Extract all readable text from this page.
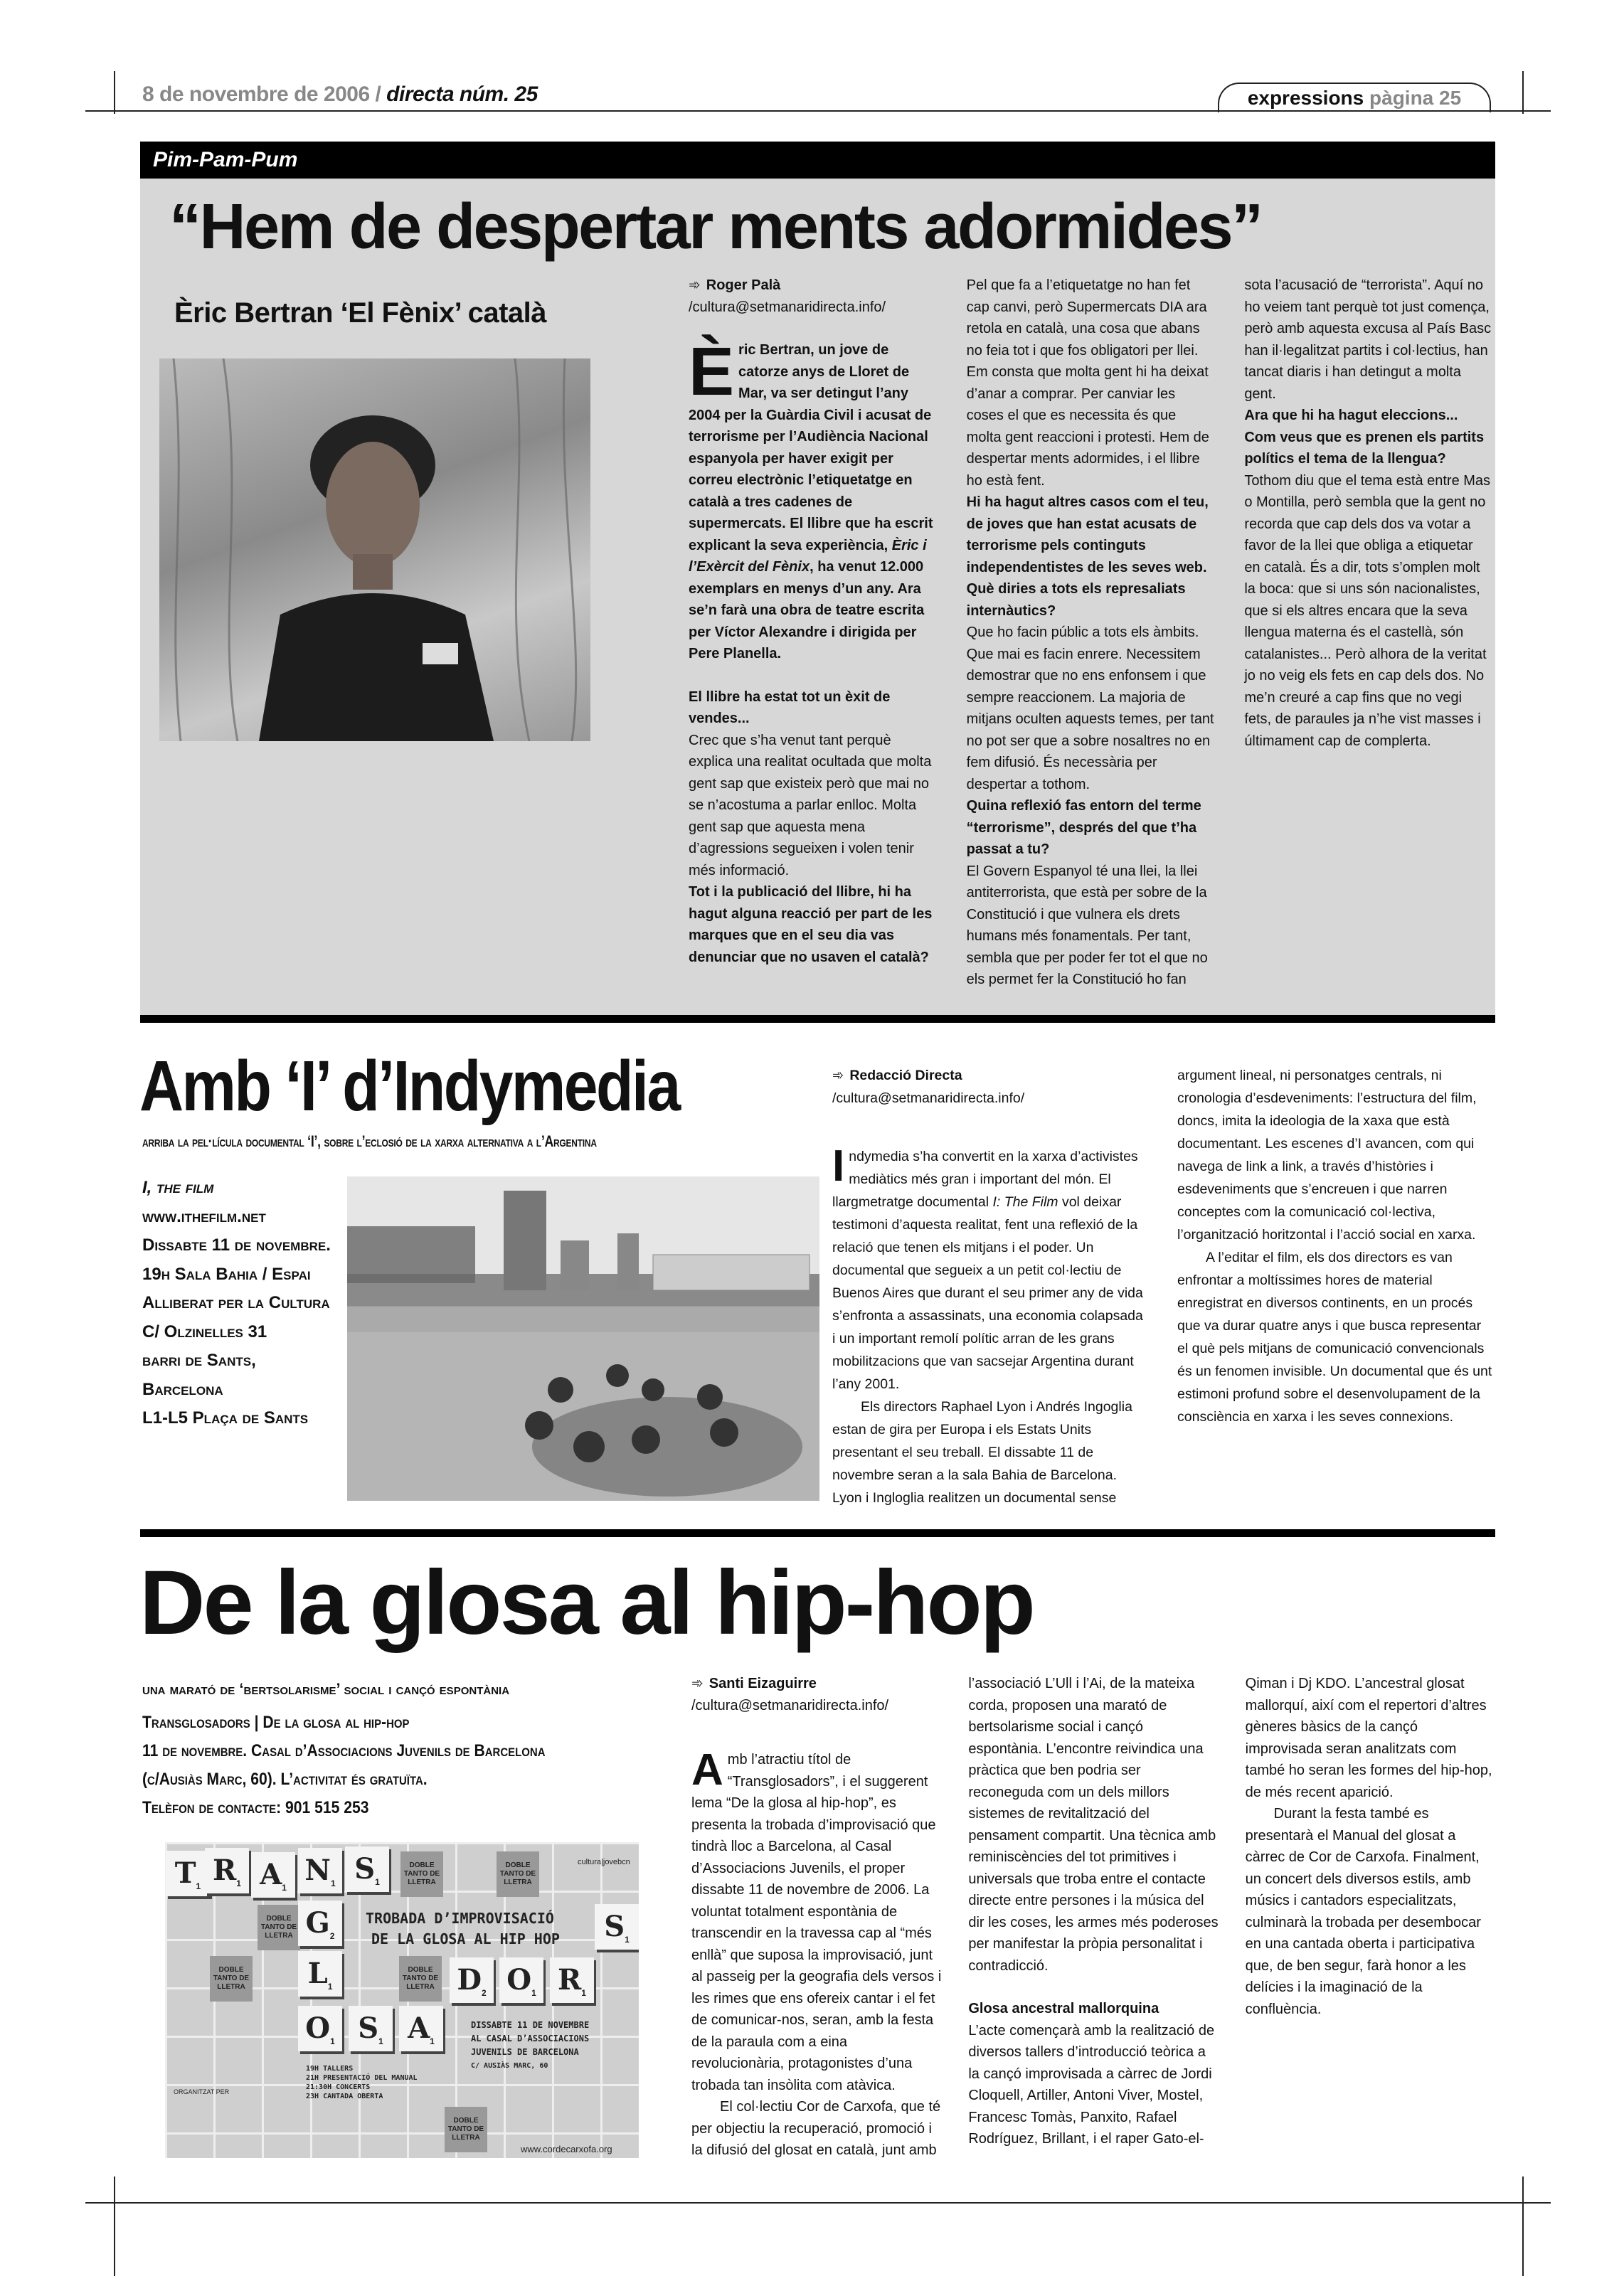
8 de novembre de 2006 / directa núm. 25	expressions pàgina 25
Pim-Pam-Pum
“Hem de despertar ments adormides”
Èric Bertran ‘El Fènix’ català

➾ Roger Palà

/cultura@setmanaridirecta.info/

Èric Bertran, un jove de catorze anys de Lloret de Mar, va ser detingut l’any 2004 per la Guàrdia Civil i acusat de terrorisme per l’Audiència Nacional espanyola per haver exigit per correu electrònic l’etiquetatge en català a tres cadenes de supermercats. El llibre que ha escrit explicant la seva experiència, Èric i l’Exèrcit del Fènix, ha venut 12.000 exemplars en menys d’un any. Ara se’n farà una obra de teatre escrita per Víctor Alexandre i dirigida per Pere Planella.

El llibre ha estat tot un èxit de vendes...

Crec que s’ha venut tant perquè explica una realitat ocultada que molta gent sap que existeix però que mai no se n’acostuma a parlar enlloc. Molta gent sap que aquesta mena d’agressions segueixen i volen tenir més informació.

Tot i la publicació del llibre, hi ha hagut alguna reacció per part de les marques que en el seu dia vas denunciar que no usaven el català?

Pel que fa a l’etiquetatge no han fet cap canvi, però Supermercats DIA ara retola en català, una cosa que abans no feia tot i que fos obligatori per llei. Em consta que molta gent hi ha deixat d’anar a comprar. Per canviar les coses el que es necessita és que molta gent reaccioni i protesti. Hem de despertar ments adormides, i el llibre ho està fent.

Hi ha hagut altres casos com el teu, de joves que han estat acusats de terrorisme pels continguts independentistes de les seves web. Què diries a tots els represaliats internàutics?

Que ho facin públic a tots els àmbits. Que mai es facin enrere. Necessitem demostrar que no ens enfonsem i que sempre reaccionem. La majoria de mitjans oculten aquests temes, per tant no pot ser que a sobre nosaltres no en fem difusió. És necessària per despertar a tothom.

Quina reflexió fas entorn del terme “terrorisme”, després del que t’ha passat a tu?

El Govern Espanyol té una llei, la llei antiterrorista, que està per sobre de la Constitució i que vulnera els drets humans més fonamentals. Per tant, sembla que per poder fer tot el que no els permet fer la Constitució ho fan sota l’acusació de “terrorista”. Aquí no ho veiem tant perquè tot just comença, però amb aquesta excusa al País Basc han il·legalitzat partits i col·lectius, han tancat diaris i han detingut a molta gent.

Ara que hi ha hagut eleccions... Com veus que es prenen els partits polítics el tema de la llengua?

Tothom diu que el tema està entre Mas o Montilla, però sembla que la gent no recorda que cap dels dos va votar a favor de la llei que obliga a etiquetar en català. És a dir, tots s’omplen molt la boca: que si uns són nacionalistes, que si els altres encara que la seva llengua materna és el castellà, són catalanistes... Però alhora de la veritat jo no veig els fets en cap dels dos. No me’n creuré a cap fins que no vegi fets, de paraules ja n’he vist masses i últimament cap de complerta.

Amb ‘I’ d’Indymedia
arriba la pel·lícula documental ‘I’, sobre l’eclosió de la xarxa alternativa a l’Argentina
I, the film
www.ithefilm.net
Dissabte 11 de novembre.
19h Sala Bahia / Espai
Alliberat per la Cultura
C/ Olzinelles 31
barri de Sants,
Barcelona
L1-L5 Plaça de Sants

➾ Redacció Directa

/cultura@setmanaridirecta.info/

Indymedia s’ha convertit en la xarxa d’activistes mediàtics més gran i important del món. El llargmetratge documental I: The Film vol deixar testimoni d’aquesta realitat, fent una reflexió de la relació que tenen els mitjans i el poder. Un documental que segueix a un petit col·lectiu de Buenos Aires que durant el seu primer any de vida s’enfronta a assassinats, una economia colapsada i un important remolí polític arran de les grans mobilitzacions que van sacsejar Argentina durant l’any 2001.

Els directors Raphael Lyon i Andrés Ingoglia estan de gira per Europa i els Estats Units presentant el seu treball. El dissabte 11 de novembre seran a la sala Bahia de Barcelona. Lyon i Ingloglia realitzen un documental sense argument lineal, ni personatges centrals, ni cronologia d’esdeveniments: l’estructura del film, doncs, imita la ideologia de la xaxa que està documentant. Les escenes d’I avancen, com qui navega de link a link, a través d’històries i esdeveniments que s’encreuen i que narren conceptes com la comunicació col·lectiva, l’organització horitzontal i l’acció social en xarxa.

A l’editar el film, els dos directors es van enfrontar a moltíssimes hores de material enregistrat en diversos continents, en un procés que va durar quatre anys i que busca representar el què pels mitjans de comunicació convencionals és un fenomen invisible. Un documental que és unt estimoni profund sobre el desenvolupament de la consciència en xarxa i les seves connexions.

De la glosa al hip-hop
una marató de ‘bertsolarisme’ social i cançó espontània
Transglosadors | De la glosa al hip-hop
11 de novembre. Casal d’Associacions Juvenils de Barcelona
(c/Ausiàs Marc, 60). L’activitat és gratuïta.
Telèfon de contacte: 901 515 253
DOBLE TANTO DE LLETRA
DOBLE TANTO DE LLETRA
DOBLE TANTO DE LLETRA
DOBLE TANTO DE LLETRA
DOBLE TANTO DE LLETRA
DOBLE TANTO DE LLETRA
$T_1$ $R_1$ $A_1$
$N_1$ $S_1$
$G_2$
$L_1$
$O_1$ $S_1$ $A_1$
$D_2$ $O_1$ $R_1$
$S_1$
TROBADA D’IMPROVISACIÓ
DE LA GLOSA AL HIP HOP
DISSABTE 11 DE NOVEMBRE
AL CASAL D’ASSOCIACIONS
JUVENILS DE BARCELONA
C/ AUSIÀS MARC, 60
19H TALLERS
21H PRESENTACIÓ DEL MANUAL
21:30H CONCERTS
23H CANTADA OBERTA
cultura|jovebcn
www.cordecarxofa.org
ORGANITZAT PER

➾ Santi Eizaguirre

/cultura@setmanaridirecta.info/

Amb l’atractiu títol de “Transglosadors”, i el suggerent lema “De la glosa al hip-hop”, es presenta la trobada d’improvisació que tindrà lloc a Barcelona, al Casal d’Associacions Juvenils, el proper dissabte 11 de novembre de 2006. La voluntat totalment espontània de transcendir en la travessa cap al “més enllà” que suposa la improvisació, junt al passeig per la geografia dels versos i les rimes que ens ofereix cantar i el fet de comunicar-nos, seran, amb la festa de la paraula com a eina revolucionària, protagonistes d’una trobada tan insòlita com atàvica.

El col·lectiu Cor de Carxofa, que té per objectiu la recuperació, promoció i la difusió del glosat en català, junt amb l’associació L’Ull i l’Ai, de la mateixa corda, proposen una marató de bertsolarisme social i cançó espontània. L’encontre reivindica una pràctica que ben podria ser reconeguda com un dels millors sistemes de revitalització del pensament compartit. Una tècnica amb reminiscències del tot primitives i universals que troba entre el contacte directe entre persones i la música del dir les coses, les armes més poderoses per manifestar la pròpia personalitat i contradicció.

Glosa ancestral mallorquina

L’acte començarà amb la realització de diversos tallers d’introducció teòrica a la cançó improvisada a càrrec de Jordi Cloquell, Artiller, Antoni Viver, Mostel, Francesc Tomàs, Panxito, Rafael Rodríguez, Brillant, i el raper Gato-el-Qiman i Dj KDO. L’ancestral glosat mallorquí, així com el repertori d’altres gèneres bàsics de la cançó improvisada seran analitzats com també ho seran les formes del hip-hop, de més recent aparició.

Durant la festa també es presentarà el Manual del glosat a càrrec de Cor de Carxofa. Finalment, un concert dels diversos estils, amb músics i cantadors especialitzats, culminarà la trobada per desembocar en una cantada oberta i participativa que, de ben segur, farà honor a les delícies i la imaginació de la confluència.
